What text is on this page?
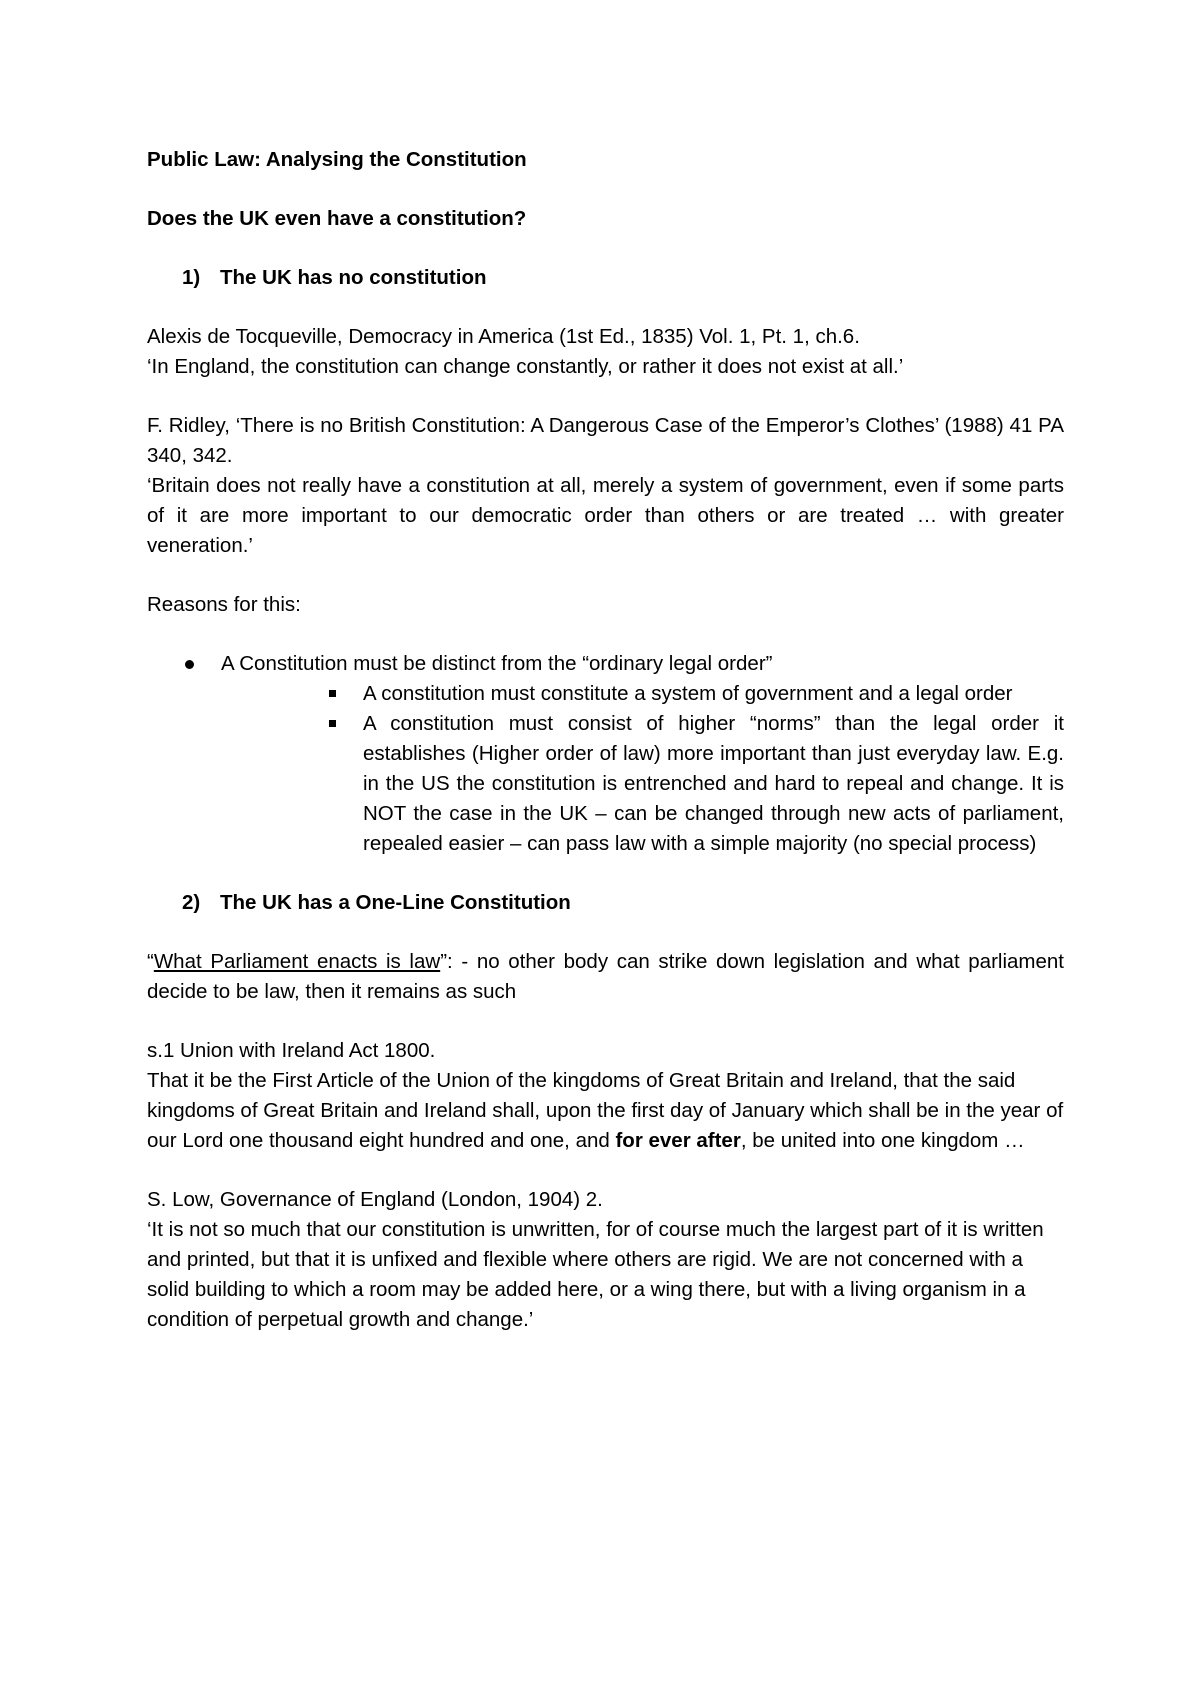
Public Law: Analysing the Constitution

Does the UK even have a constitution?

1) The UK has no constitution

Alexis de Tocqueville, Democracy in America (1st Ed., 1835) Vol. 1, Pt. 1, ch.6.

‘In England, the constitution can change constantly, or rather it does not exist at all.’

F. Ridley, ‘There is no British Constitution: A Dangerous Case of the Emperor’s Clothes’ (1988) 41 PA 340, 342.

‘Britain does not really have a constitution at all, merely a system of government, even if some parts of it are more important to our democratic order than others or are treated … with greater veneration.’

Reasons for this:

A Constitution must be distinct from the “ordinary legal order”
A constitution must constitute a system of government and a legal order
A constitution must consist of higher “norms” than the legal order it establishes (Higher order of law) more important than just everyday law. E.g. in the US the constitution is entrenched and hard to repeal and change. It is NOT the case in the UK – can be changed through new acts of parliament, repealed easier – can pass law with a simple majority (no special process)
2) The UK has a One-Line Constitution

“What Parliament enacts is law”: - no other body can strike down legislation and what parliament decide to be law, then it remains as such

s.1 Union with Ireland Act 1800.

That it be the First Article of the Union of the kingdoms of Great Britain and Ireland, that the said kingdoms of Great Britain and Ireland shall, upon the first day of January which shall be in the year of our Lord one thousand eight hundred and one, and for ever after, be united into one kingdom …

S. Low, Governance of England (London, 1904) 2.

‘It is not so much that our constitution is unwritten, for of course much the largest part of it is written and printed, but that it is unfixed and flexible where others are rigid. We are not concerned with a solid building to which a room may be added here, or a wing there, but with a living organism in a condition of perpetual growth and change.’
